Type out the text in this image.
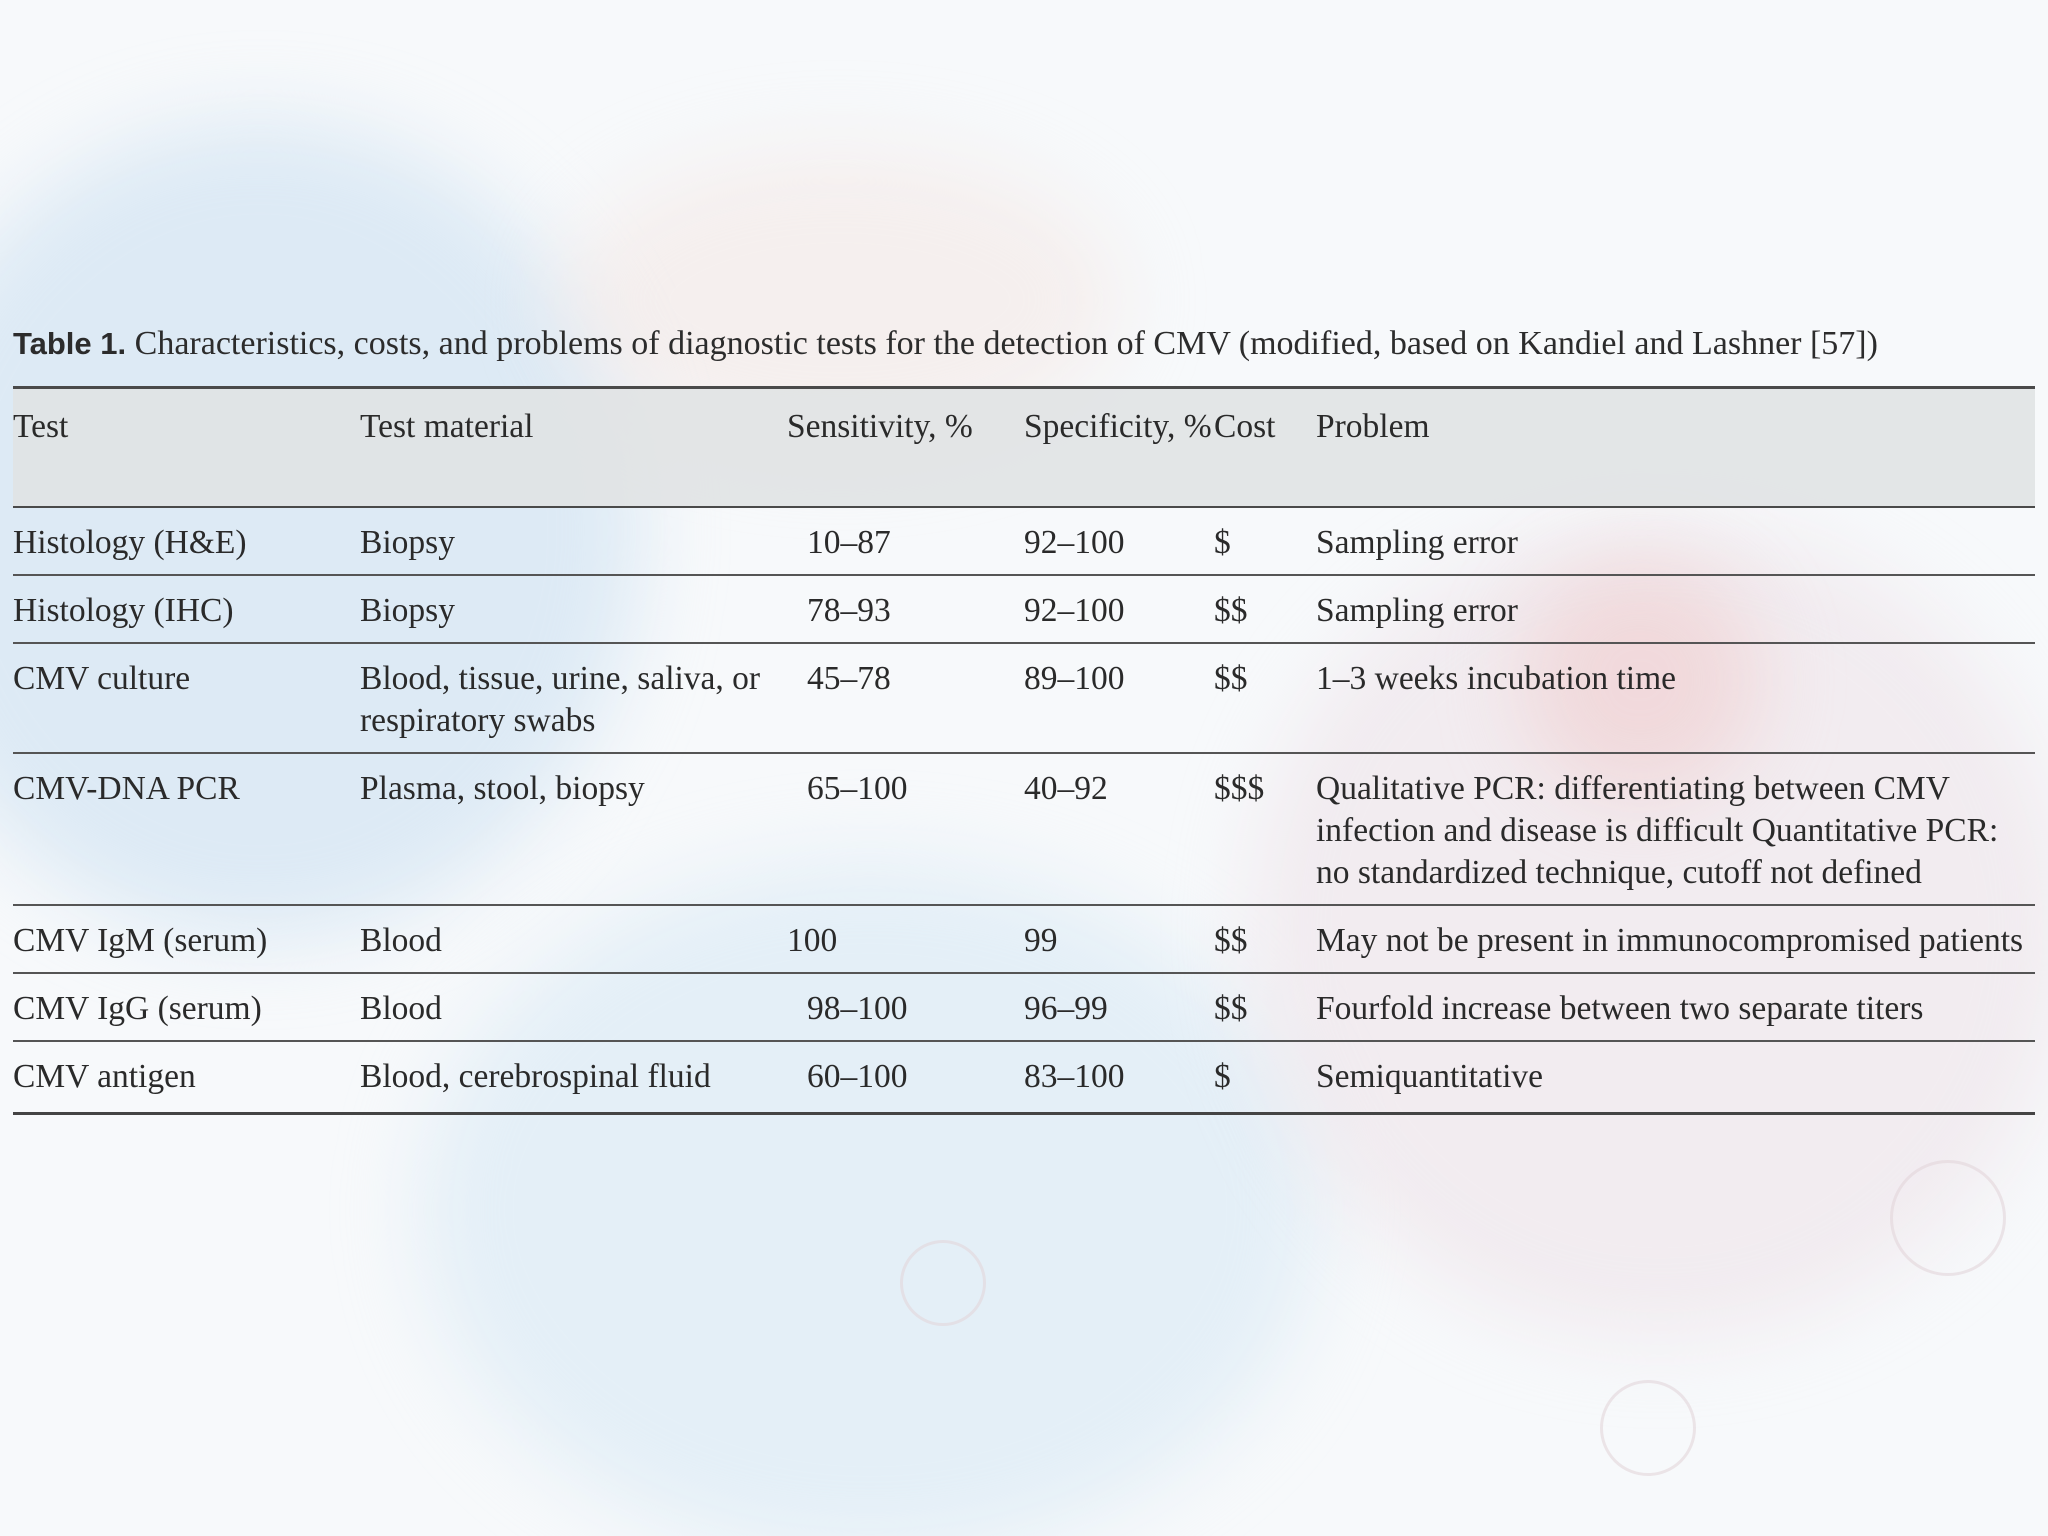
Table 1. Characteristics, costs, and problems of diagnostic tests for the detection of CMV (modified, based on Kandiel and Lashner [57])
Test	Test material	Sensitivity, %	Specificity, %	Cost	Problem
Histology (H&E)	Biopsy	10–87	92–100	$	Sampling error
Histology (IHC)	Biopsy	78–93	92–100	$$	Sampling error
CMV culture	Blood, tissue, urine, saliva, or respiratory swabs	45–78	89–100	$$	1–3 weeks incubation time
CMV-DNA PCR	Plasma, stool, biopsy	65–100	40–92	$$$	Qualitative PCR: differentiating between CMV infection and disease is difficult Quantitative PCR: no standardized technique, cutoff not defined
CMV IgM (serum)	Blood	100	99	$$	May not be present in immunocompromised patients
CMV IgG (serum)	Blood	98–100	96–99	$$	Fourfold increase between two separate titers
CMV antigen	Blood, cerebrospinal fluid	60–100	83–100	$	Semiquantitative
